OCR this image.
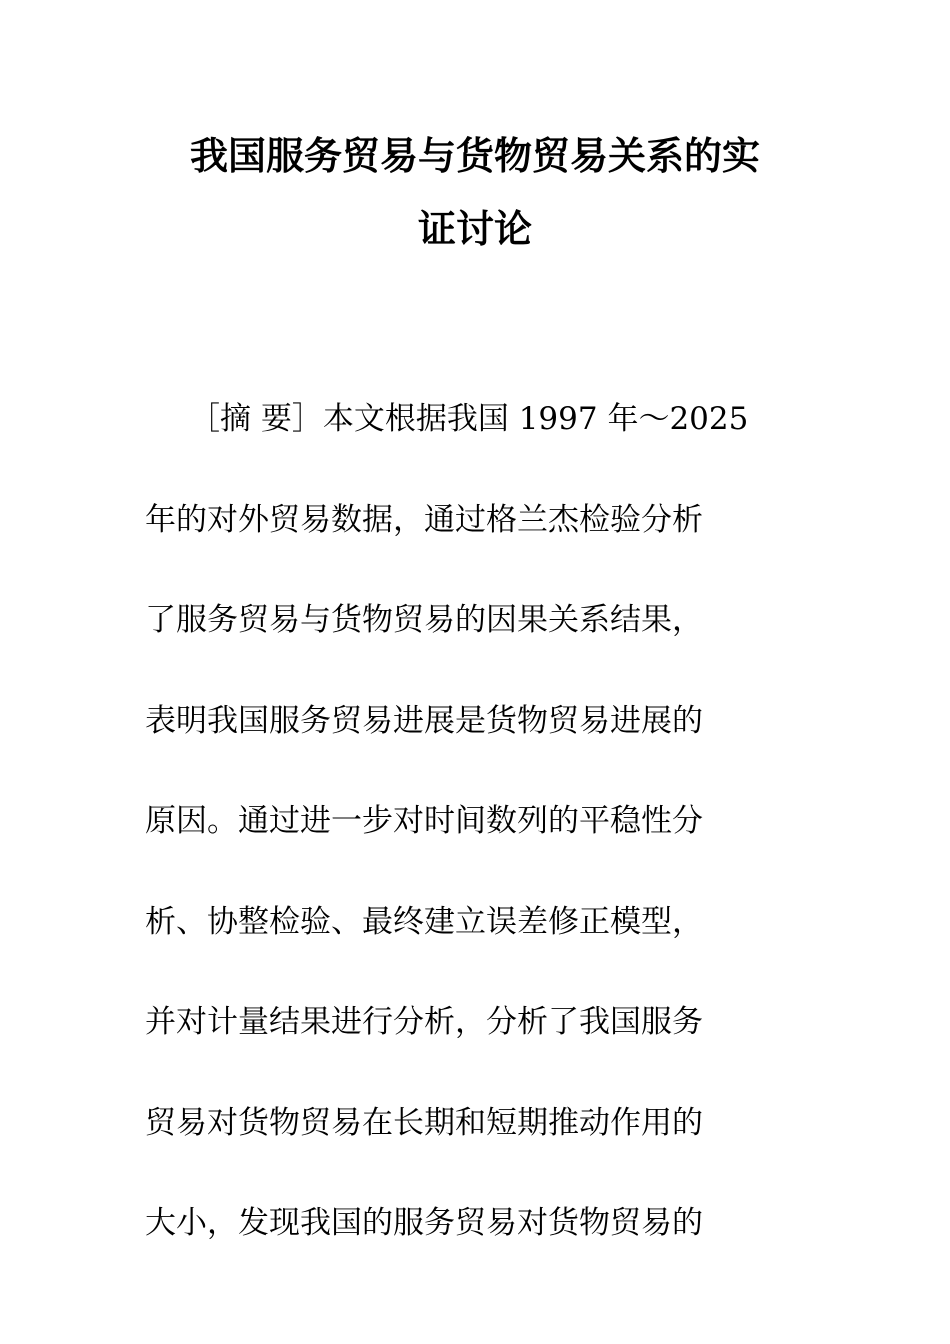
我国服务贸易与货物贸易关系的实
证讨论
［摘 要］本文根据我国 1997 年～2025
年的对外贸易数据，通过格兰杰检验分析
了服务贸易与货物贸易的因果关系结果，
表明我国服务贸易进展是货物贸易进展的
原因。通过进一步对时间数列的平稳性分
析、协整检验、最终建立误差修正模型，
并对计量结果进行分析，分析了我国服务
贸易对货物贸易在长期和短期推动作用的
大小，发现我国的服务贸易对货物贸易的
